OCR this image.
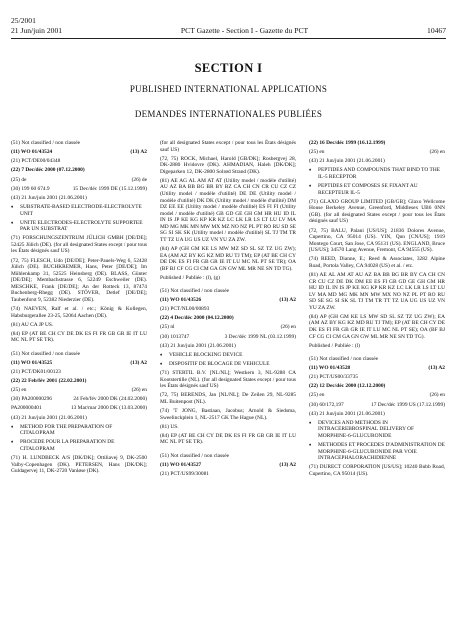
25/2001
21 Jun/juin 2001	PCT Gazette - Section I - Gazette du PCT	10467
SECTION I
PUBLISHED INTERNATIONAL APPLICATIONS
DEMANDES INTERNATIONALES PUBLIÉES

(51) Not classified / non classée

(11) WO 01/43524	(13) A2

(21) PCT/DE00/04348

(22) 7 Dec/déc 2000 (07.12.2000)

(25) de	(26) de
(30) 199 60 674.9	15 Dec/déc 1999 DE (15.12.1999)

(43) 21 Jun/juin 2001 (21.06.2001)

♦ SUBSTRATE-BASED ELECTRODE-ELECTROLYTE UNIT
♦ UNITE ELECTRODES-ELECTROLYTE SUPPORTEE PAR UN SUBSTRAT

(71) FORSCHUNGSZENTRUM JÜLICH GMBH [DE/DE]; 52425 Jülich (DE). (for all designated States except / pour tous les États désignés sauf US)

(72, 75) FLESCH, Udo [DE/DE]; Peter-Pauels-Weg 6, 52428 Jülich (DE). BUCHKREMER, Hans, Peter [DE/DE]; Im Mühlenkamp 31, 52525 Heinsberg (DE). BLASS, Günter [DE/DE]; Membachstrasse 6, 52249 Eschweiler (DE). MESCHKE, Frank [DE/DE]; An der Rotteck 13, 87474 Buchenberg-Rhegg (DE). STÖVER, Detlef [DE/DE]; Taubenforst 9, 52382 Niederzier (DE).

(74) NAEVEN, Ralf et al. / etc.; König & Kollegen, Habsburgerallee 23-25, 52064 Aachen (DE).

(81) AU CA JP US.

(84) EP (AT BE CH CY DE DK ES FI FR GB GR IE IT LU MC NL PT SE TR).

(51) Not classified / non classée

(11) WO 01/43525	(13) A2

(21) PCT/DK01/00123

(22) 22 Feb/fév 2001 (22.02.2001)

(25) en	(26) en
(30) PA200000296	24 Feb/fév 2000 DK (24.02.2000)
PA200000401	13 Mar/mar 2000 DK (13.03.2000)

(43) 21 Jun/juin 2001 (21.06.2001)

♦ METHOD FOR THE PREPARATION OF CITALOPRAM
♦ PROCEDE POUR LA PREPARATION DE CITALOPRAM

(71) H. LUNDBECK A/S [DK/DK]; Ottiliavej 9, DK-2500 Valby-Copenhagen (DK). PETERSEN, Hans [DK/DK]; Guldagervej 11, DK-2720 Vanløse (DK).

(for all designated States except / pour tous les États désignés sauf US)

(72, 75) ROCK, Michael, Harold [GB/DK]; Rosbergvej 28, DK-2880 Hvidovre (DK). AHMADIAN, Haleh [DK/DK]; Digeparken 12, DK-2800 Solrød Strand (DK).

(81) AE AG AL AM AT AT (Utility model / modèle d'utilité) AU AZ BA BB BG BR BY BZ CA CH CN CR CU CZ CZ (Utility model / modèle d'utilité) DE DE (Utility model / modèle d'utilité) DK DK (Utility model / modèle d'utilité) DM DZ EE EE (Utility model / modèle d'utilité) ES FI FI (Utility model / modèle d'utilité) GB GD GE GH GM HR HU ID IL IN IS JP KE KG KP KR KZ LC LK LR LS LT LU LV MA MD MG MK MN MW MX MZ NO NZ PL PT RO RU SD SE SG SI SK SK (Utility model / modèle d'utilité) SL TJ TM TR TT TZ UA UG US UZ VN YU ZA ZW.

(84) AP (GH GM KE LS MW MZ SD SL SZ TZ UG ZW); EA (AM AZ BY KG KZ MD RU TJ TM); EP (AT BE CH CY DE DK ES FI FR GB GR IE IT LU MC NL PT SE TR); OA (BF BJ CF CG CI CM GA GN GW ML MR NE SN TD TG).

Published / Publiée : (l), (g)

(51) Not classified / non classée

(11) WO 01/43526	(13) A2

(21) PCT/NL00/00893

(22) 4 Dec/déc 2000 (04.12.2000)

(25) nl	(26) en
(30) 1013747	3 Dec/déc 1999 NL (03.12.1999)

(43) 21 Jun/juin 2001 (21.06.2001)

♦ VEHICLE BLOCKING DEVICE
♦ DISPOSITIF DE BLOCAGE DE VEHICULE

(71) STERTIL B.V. [NL/NL]; Westkern 3, NL-9288 CA Kootstertille (NL). (for all designated States except / pour tous les États désignés sauf US)

(72, 75) BERENDS, Jan [NL/NL]; De Zeilen 29, NL-9285 ML Buitenpost (NL).

(74) 'T JONG, Bastiaan, Jacobus; Arnold & Siedsma, Sweelinckplein 1, NL-2517 GK The Hague (NL).

(81) US.

(84) EP (AT BE CH CY DE DK ES FI FR GB GR IE IT LU MC NL PT SE TR).

(51) Not classified / non classée

(11) WO 01/43527	(13) A2

(21) PCT/US99/30081

(22) 16 Dec/déc 1999 (16.12.1999)

(25) en	(26) en

(43) 21 Jun/juin 2001 (21.06.2001)

♦ PEPTIDES AND COMPOUNDS THAT BIND TO THE IL-5 RECEPTOR
♦ PEPTIDES ET COMPOSES SE FIXANT AU RECEPTEUR IL-5

(71) GLAXO GROUP LIMITED [GB/GB]; Glaxo Wellcome House Berkeley Avenue, Greenford, Middlesex UB6 0NN (GB). (for all designated States except / pour tous les États désignés sauf US)

(72, 75) BALU, Palani [US/US]; 21836 Dolores Avenue, Cupertino, CA 95014 (US). YIN, Qun [CN/US]; 1919 Montego Court, San Jose, CA 95131 (US). ENGLAND, Bruce [US/US]; 34570 Lang Avenue, Fremont, CA 94555 (US).

(74) REED, Dianne, E.; Reed & Associates, 3282 Alpine Road, Portola Valley, CA 94028 (US) et al. / etc.

(81) AE AL AM AT AU AZ BA BB BG BR BY CA CH CN CR CU CZ DE DK DM EE ES FI GB GD GE GH GM HR HU ID IL IN IS JP KE KG KP KR KZ LC LK LR LS LT LU LV MA MD MG MK MN MW MX NO NZ PL PT RO RU SD SE SG SI SK SL TJ TM TR TT TZ UA UG US UZ VN YU ZA ZW.

(84) AP (GH GM KE LS MW SD SL SZ TZ UG ZW); EA (AM AZ BY KG KZ MD RU TJ TM); EP (AT BE CH CY DE DK ES FI FR GB GR IE IT LU MC NL PT SE); OA (BF BJ CF CG CI CM GA GN GW ML MR NE SN TD TG).

Published / Publiée : (l)

(51) Not classified / non classée

(11) WO 01/43528	(13) A2

(21) PCT/US00/33735

(22) 12 Dec/déc 2000 (12.12.2000)

(25) en	(26) en
(30) 60/172,197	17 Dec/déc 1999 US (17.12.1999)

(43) 21 Jun/juin 2001 (21.06.2001)

♦ DEVICES AND METHODS IN INTRACEREBROSPINAL DELIVERY OF MORPHINE-6-GLUCURONIDE
♦ METHODES ET PROCEDES D'ADMINISTRATION DE MORPHINE-6-GLUCURONIDE PAR VOIE INTRACEPHALORACHIDIENNE

(71) DURECT CORPORATION [US/US]; 10240 Bubb Road, Cupertino, CA 95014 (US).
